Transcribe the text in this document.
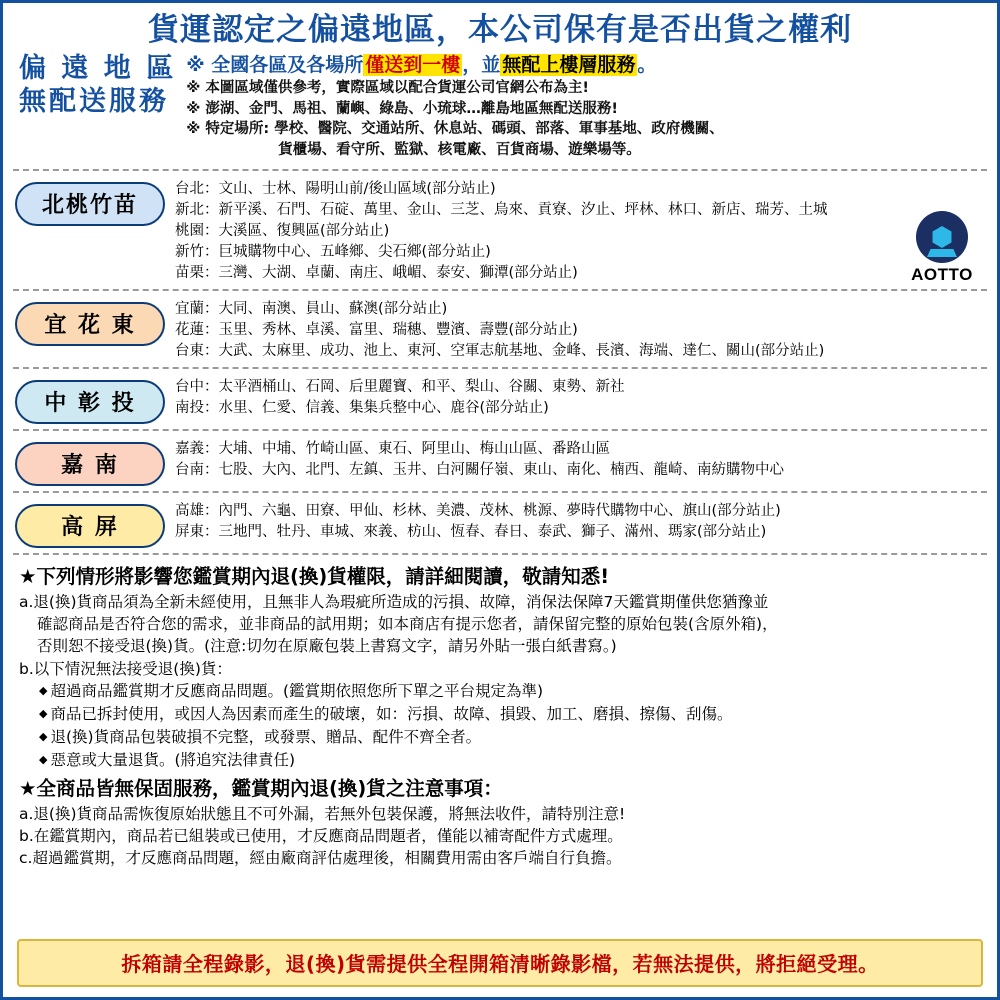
貨運認定之偏遠地區，本公司保有是否出貨之權利
偏 遠 地 區
無配送服務
※ 全國各區及各場所 僅送到一樓 ，並 無配上樓層服務 。
※ 本圖區域僅供參考，實際區域以配合貨運公司官網公布為主!
※ 澎湖、金門、馬祖、蘭嶼、綠島、小琉球…離島地區無配送服務!
※ 特定場所: 學校、醫院、交通站所、休息站、碼頭、部落、軍事基地、政府機關、
貨櫃場、看守所、監獄、核電廠、百貨商場、遊樂場等。
北桃竹苗
台北：文山、士林、陽明山前/後山區域(部分站止)
新北：新平溪、石門、石碇、萬里、金山、三芝、烏來、貢寮、汐止、坪林、林口、新店、瑞芳、土城
桃園：大溪區、復興區(部分站止)
新竹：巨城購物中心、五峰鄉、尖石鄉(部分站止)
苗栗：三灣、大湖、卓蘭、南庄、峨嵋、泰安、獅潭(部分站止)	AOTTO
宜 花 東
宜蘭：大同、南澳、員山、蘇澳(部分站止)
花蓮：玉里、秀林、卓溪、富里、瑞穗、豐濱、壽豐(部分站止)
台東：大武、太麻里、成功、池上、東河、空軍志航基地、金峰、長濱、海端、達仁、關山(部分站止)
中 彰 投
台中：太平酒桶山、石岡、后里麗寶、和平、梨山、谷關、東勢、新社
南投：水里、仁愛、信義、集集兵整中心、鹿谷(部分站止)
嘉 南
嘉義：大埔、中埔、竹崎山區、東石、阿里山、梅山山區、番路山區
台南：七股、大內、北門、左鎮、玉井、白河關仔嶺、東山、南化、楠西、龍崎、南紡購物中心
高 屏
高雄：內門、六龜、田寮、甲仙、杉林、美濃、茂林、桃源、夢時代購物中心、旗山(部分站止)
屏東：三地門、牡丹、車城、來義、枋山、恆春、春日、泰武、獅子、滿州、瑪家(部分站止)
★下列情形將影響您鑑賞期內退(換)貨權限，請詳細閱讀，敬請知悉!
a.退(換)貨商品須為全新未經使用，且無非人為瑕疵所造成的污損、故障，消保法保障7天鑑賞期僅供您猶豫並
確認商品是否符合您的需求，並非商品的試用期；如本商店有提示您者，請保留完整的原始包裝(含原外箱)，
否則恕不接受退(換)貨。(注意:切勿在原廠包裝上書寫文字，請另外貼一張白紙書寫。)
b.以下情況無法接受退(換)貨：
◆ 超過商品鑑賞期才反應商品問題。(鑑賞期依照您所下單之平台規定為準)
◆ 商品已拆封使用，或因人為因素而產生的破壞，如：污損、故障、損毀、加工、磨損、擦傷、刮傷。
◆ 退(換)貨商品包裝破損不完整，或發票、贈品、配件不齊全者。
◆ 惡意或大量退貨。(將追究法律責任)
★全商品皆無保固服務，鑑賞期內退(換)貨之注意事項：
a.退(換)貨商品需恢復原始狀態且不可外漏，若無外包裝保護，將無法收件，請特別注意!
b.在鑑賞期內，商品若已組裝或已使用，才反應商品問題者，僅能以補寄配件方式處理。
c.超過鑑賞期，才反應商品問題，經由廠商評估處理後，相關費用需由客戶端自行負擔。
拆箱請全程錄影，退(換)貨需提供全程開箱清晰錄影檔，若無法提供，將拒絕受理。
